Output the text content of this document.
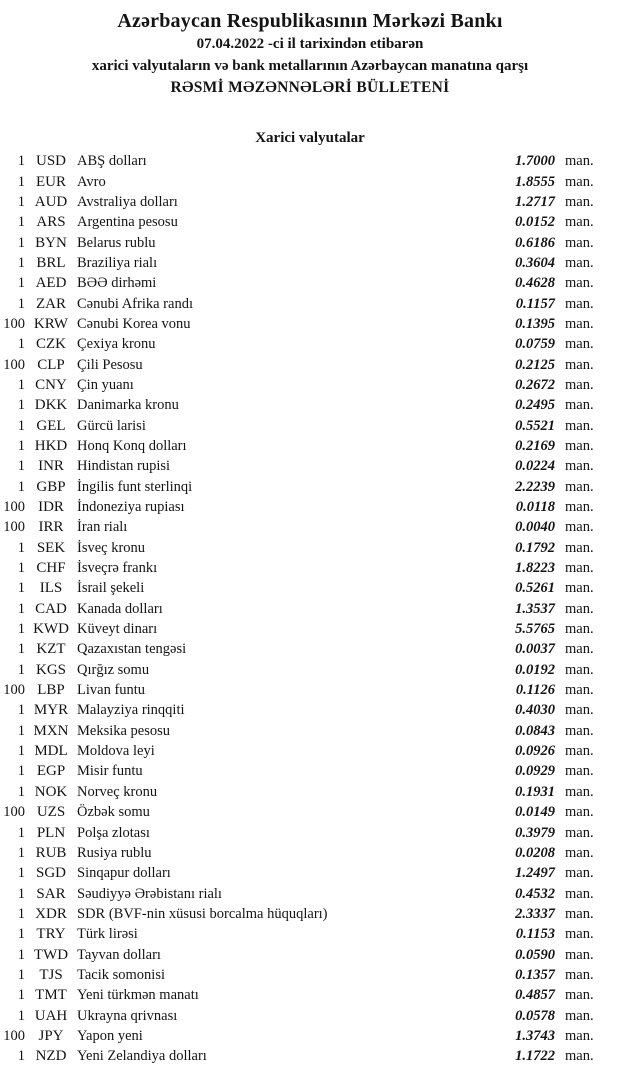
Azərbaycan Respublikasının Mərkəzi Bankı
07.04.2022 -ci il tarixindən etibarən
xarici valyutaların və bank metallarının Azərbaycan manatına qarşı
RƏSMİ MƏZƏNNƏLƏRİ BÜLLETENİ
Xarici valyutalar
1 USD ABŞ dolları	1.7000 man.
1 EUR Avro	1.8555 man.
1 AUD Avstraliya dolları	1.2717 man.
1 ARS Argentina pesosu	0.0152 man.
1 BYN Belarus rublu	0.6186 man.
1 BRL Braziliya rialı	0.3604 man.
1 AED BƏƏ dirhəmi	0.4628 man.
1 ZAR Cənubi Afrika randı	0.1157 man.
100 KRW Cənubi Korea vonu	0.1395 man.
1 CZK Çexiya kronu	0.0759 man.
100 CLP Çili Pesosu	0.2125 man.
1 CNY Çin yuanı	0.2672 man.
1 DKK Danimarka kronu	0.2495 man.
1 GEL Gürcü larisi	0.5521 man.
1 HKD Honq Konq dolları	0.2169 man.
1 INR Hindistan rupisi	0.0224 man.
1 GBP İngilis funt sterlinqi	2.2239 man.
100 IDR İndoneziya rupiası	0.0118 man.
100 IRR İran rialı	0.0040 man.
1 SEK İsveç kronu	0.1792 man.
1 CHF İsveçrə frankı	1.8223 man.
1 ILS	İsrail şekeli	0.5261 man.
1 CAD Kanada dolları	1.3537 man.
1 KWD Küveyt dinarı	5.5765 man.
1 KZT Qazaxıstan tengəsi	0.0037 man.
1 KGS Qırğız somu	0.0192 man.
100 LBP Livan funtu	0.1126 man.
1 MYR Malayziya rinqqiti	0.4030 man.
1 MXN Meksika pesosu	0.0843 man.
1 MDL Moldova leyi	0.0926 man.
1 EGP Misir funtu	0.0929 man.
1 NOK Norveç kronu	0.1931 man.
100 UZS Özbək somu	0.0149 man.
1 PLN Polşa zlotası	0.3979 man.
1 RUB Rusiya rublu	0.0208 man.
1 SGD Sinqapur dolları	1.2497 man.
1 SAR Səudiyyə Ərəbistanı rialı	0.4532 man.
1 XDR SDR (BVF-nin xüsusi borcalma hüquqları)	2.3337 man.
1 TRY Türk lirəsi	0.1153 man.
1 TWD Tayvan dolları	0.0590 man.
1 TJS Tacik somonisi	0.1357 man.
1 TMT Yeni türkmən manatı	0.4857 man.
1 UAH Ukrayna qrivnası	0.0578 man.
100 JPY Yapon yeni	1.3743 man.
1 NZD Yeni Zelandiya dolları	1.1722 man.
